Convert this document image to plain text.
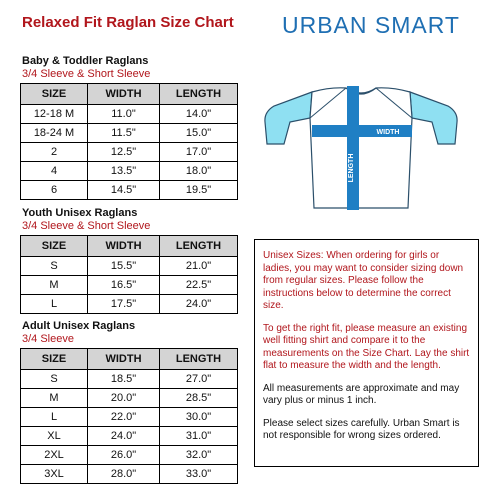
Relaxed Fit Raglan Size Chart URBAN SMART
Baby & Toddler Raglans
3/4 Sleeve & Short Sleeve
SIZE	WIDTH	LENGTH
12-18 M	11.0"	14.0"
18-24 M	11.5"	15.0"
2	12.5"	17.0"
4	13.5"	18.0"
6	14.5"	19.5"
Youth Unisex Raglans
3/4 Sleeve & Short Sleeve
SIZE	WIDTH	LENGTH
S	15.5"	21.0"
M	16.5"	22.5"
L	17.5"	24.0"
Adult Unisex Raglans
3/4 Sleeve
SIZE	WIDTH	LENGTH
S	18.5"	27.0"
M	20.0"	28.5"
L	22.0"	30.0"
XL	24.0"	31.0"
2XL	26.0"	32.0"
3XL	28.0"	33.0"
WIDTH
LENGTH

Unisex Sizes: When ordering for girls or ladies, you may want to consider sizing down from regular sizes. Please follow the instructions below to determine the correct size.

To get the right fit, please measure an existing well fitting shirt and compare it to the measurements on the Size Chart. Lay the shirt flat to measure the width and the length.

All measurements are approximate and may vary plus or minus 1 inch.

Please select sizes carefully. Urban Smart is not responsible for wrong sizes ordered.
